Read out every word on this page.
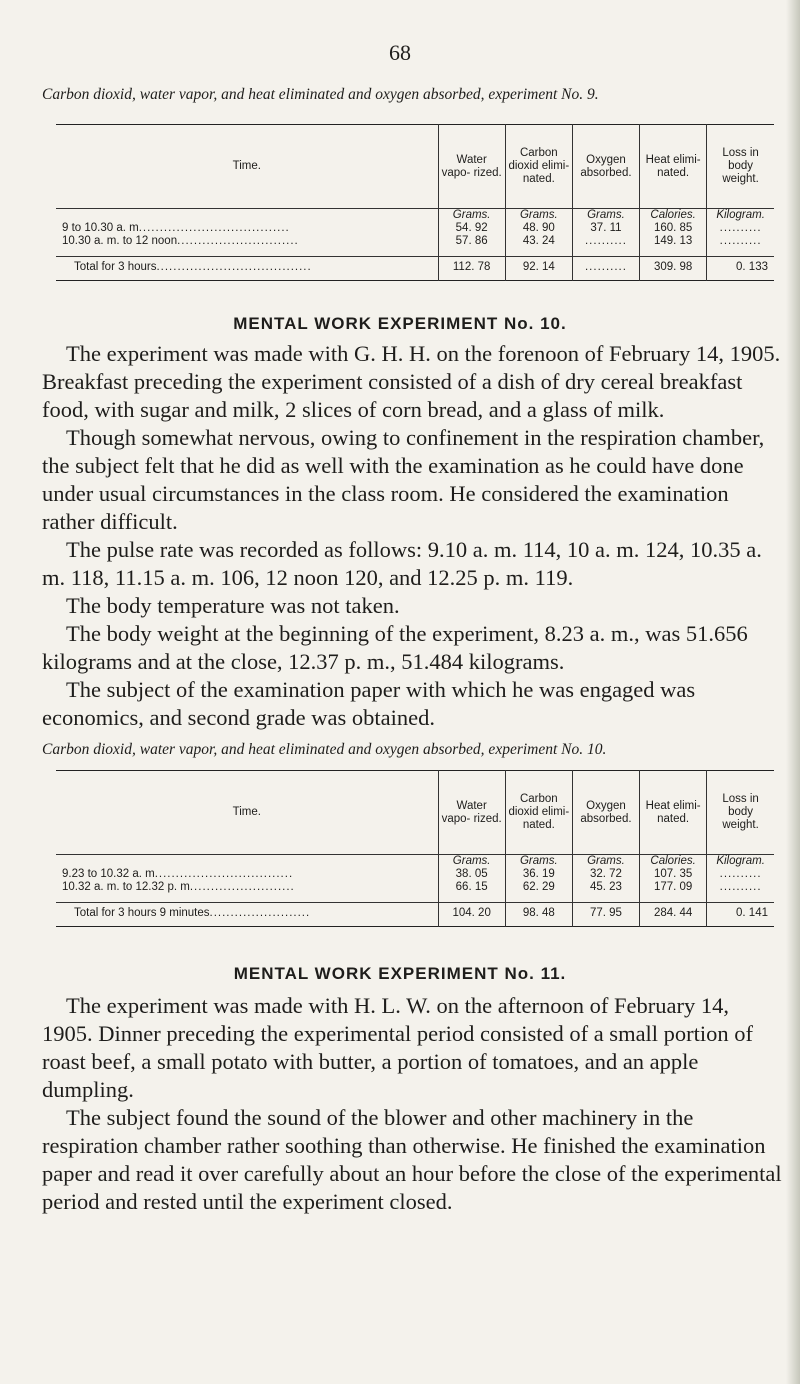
68
Carbon dioxid, water vapor, and heat eliminated and oxygen absorbed, experiment No. 9.
Time.	Water vapo- rized.	Carbon dioxid elimi- nated.	Oxygen absorbed.	Heat elimi- nated.	Loss in body weight.
	Grams.	Grams.	Grams.	Calories.	Kilogram.
9 to 10.30 a. m....................................	54. 92	48. 90	37. 11	160. 85	..........
10.30 a. m. to 12 noon.............................	57. 86	43. 24	..........	149. 13	..........
Total for 3 hours.....................................	112. 78	92. 14	..........	309. 98	0. 133
MENTAL WORK EXPERIMENT No. 10.

The experiment was made with G. H. H. on the forenoon of February 14, 1905. Breakfast preceding the experiment consisted of a dish of dry cereal breakfast food, with sugar and milk, 2 slices of corn bread, and a glass of milk.

Though somewhat nervous, owing to confinement in the respiration chamber, the subject felt that he did as well with the examination as he could have done under usual circumstances in the class room. He considered the examination rather difficult.

The pulse rate was recorded as follows: 9.10 a. m. 114, 10 a. m. 124, 10.35 a. m. 118, 11.15 a. m. 106, 12 noon 120, and 12.25 p. m. 119.

The body temperature was not taken.

The body weight at the beginning of the experiment, 8.23 a. m., was 51.656 kilograms and at the close, 12.37 p. m., 51.484 kilograms.

The subject of the examination paper with which he was engaged was economics, and second grade was obtained.

Carbon dioxid, water vapor, and heat eliminated and oxygen absorbed, experiment No. 10.
Time.	Water vapo- rized.	Carbon dioxid elimi- nated.	Oxygen absorbed.	Heat elimi- nated.	Loss in body weight.
	Grams.	Grams.	Grams.	Calories.	Kilogram.
9.23 to 10.32 a. m.................................	38. 05	36. 19	32. 72	107. 35	..........
10.32 a. m. to 12.32 p. m.........................	66. 15	62. 29	45. 23	177. 09	..........
Total for 3 hours 9 minutes........................	104. 20	98. 48	77. 95	284. 44	0. 141
MENTAL WORK EXPERIMENT No. 11.

The experiment was made with H. L. W. on the afternoon of February 14, 1905. Dinner preceding the experimental period consisted of a small portion of roast beef, a small potato with butter, a portion of tomatoes, and an apple dumpling.

The subject found the sound of the blower and other machinery in the respiration chamber rather soothing than otherwise. He finished the examination paper and read it over carefully about an hour before the close of the experimental period and rested until the experiment closed.
